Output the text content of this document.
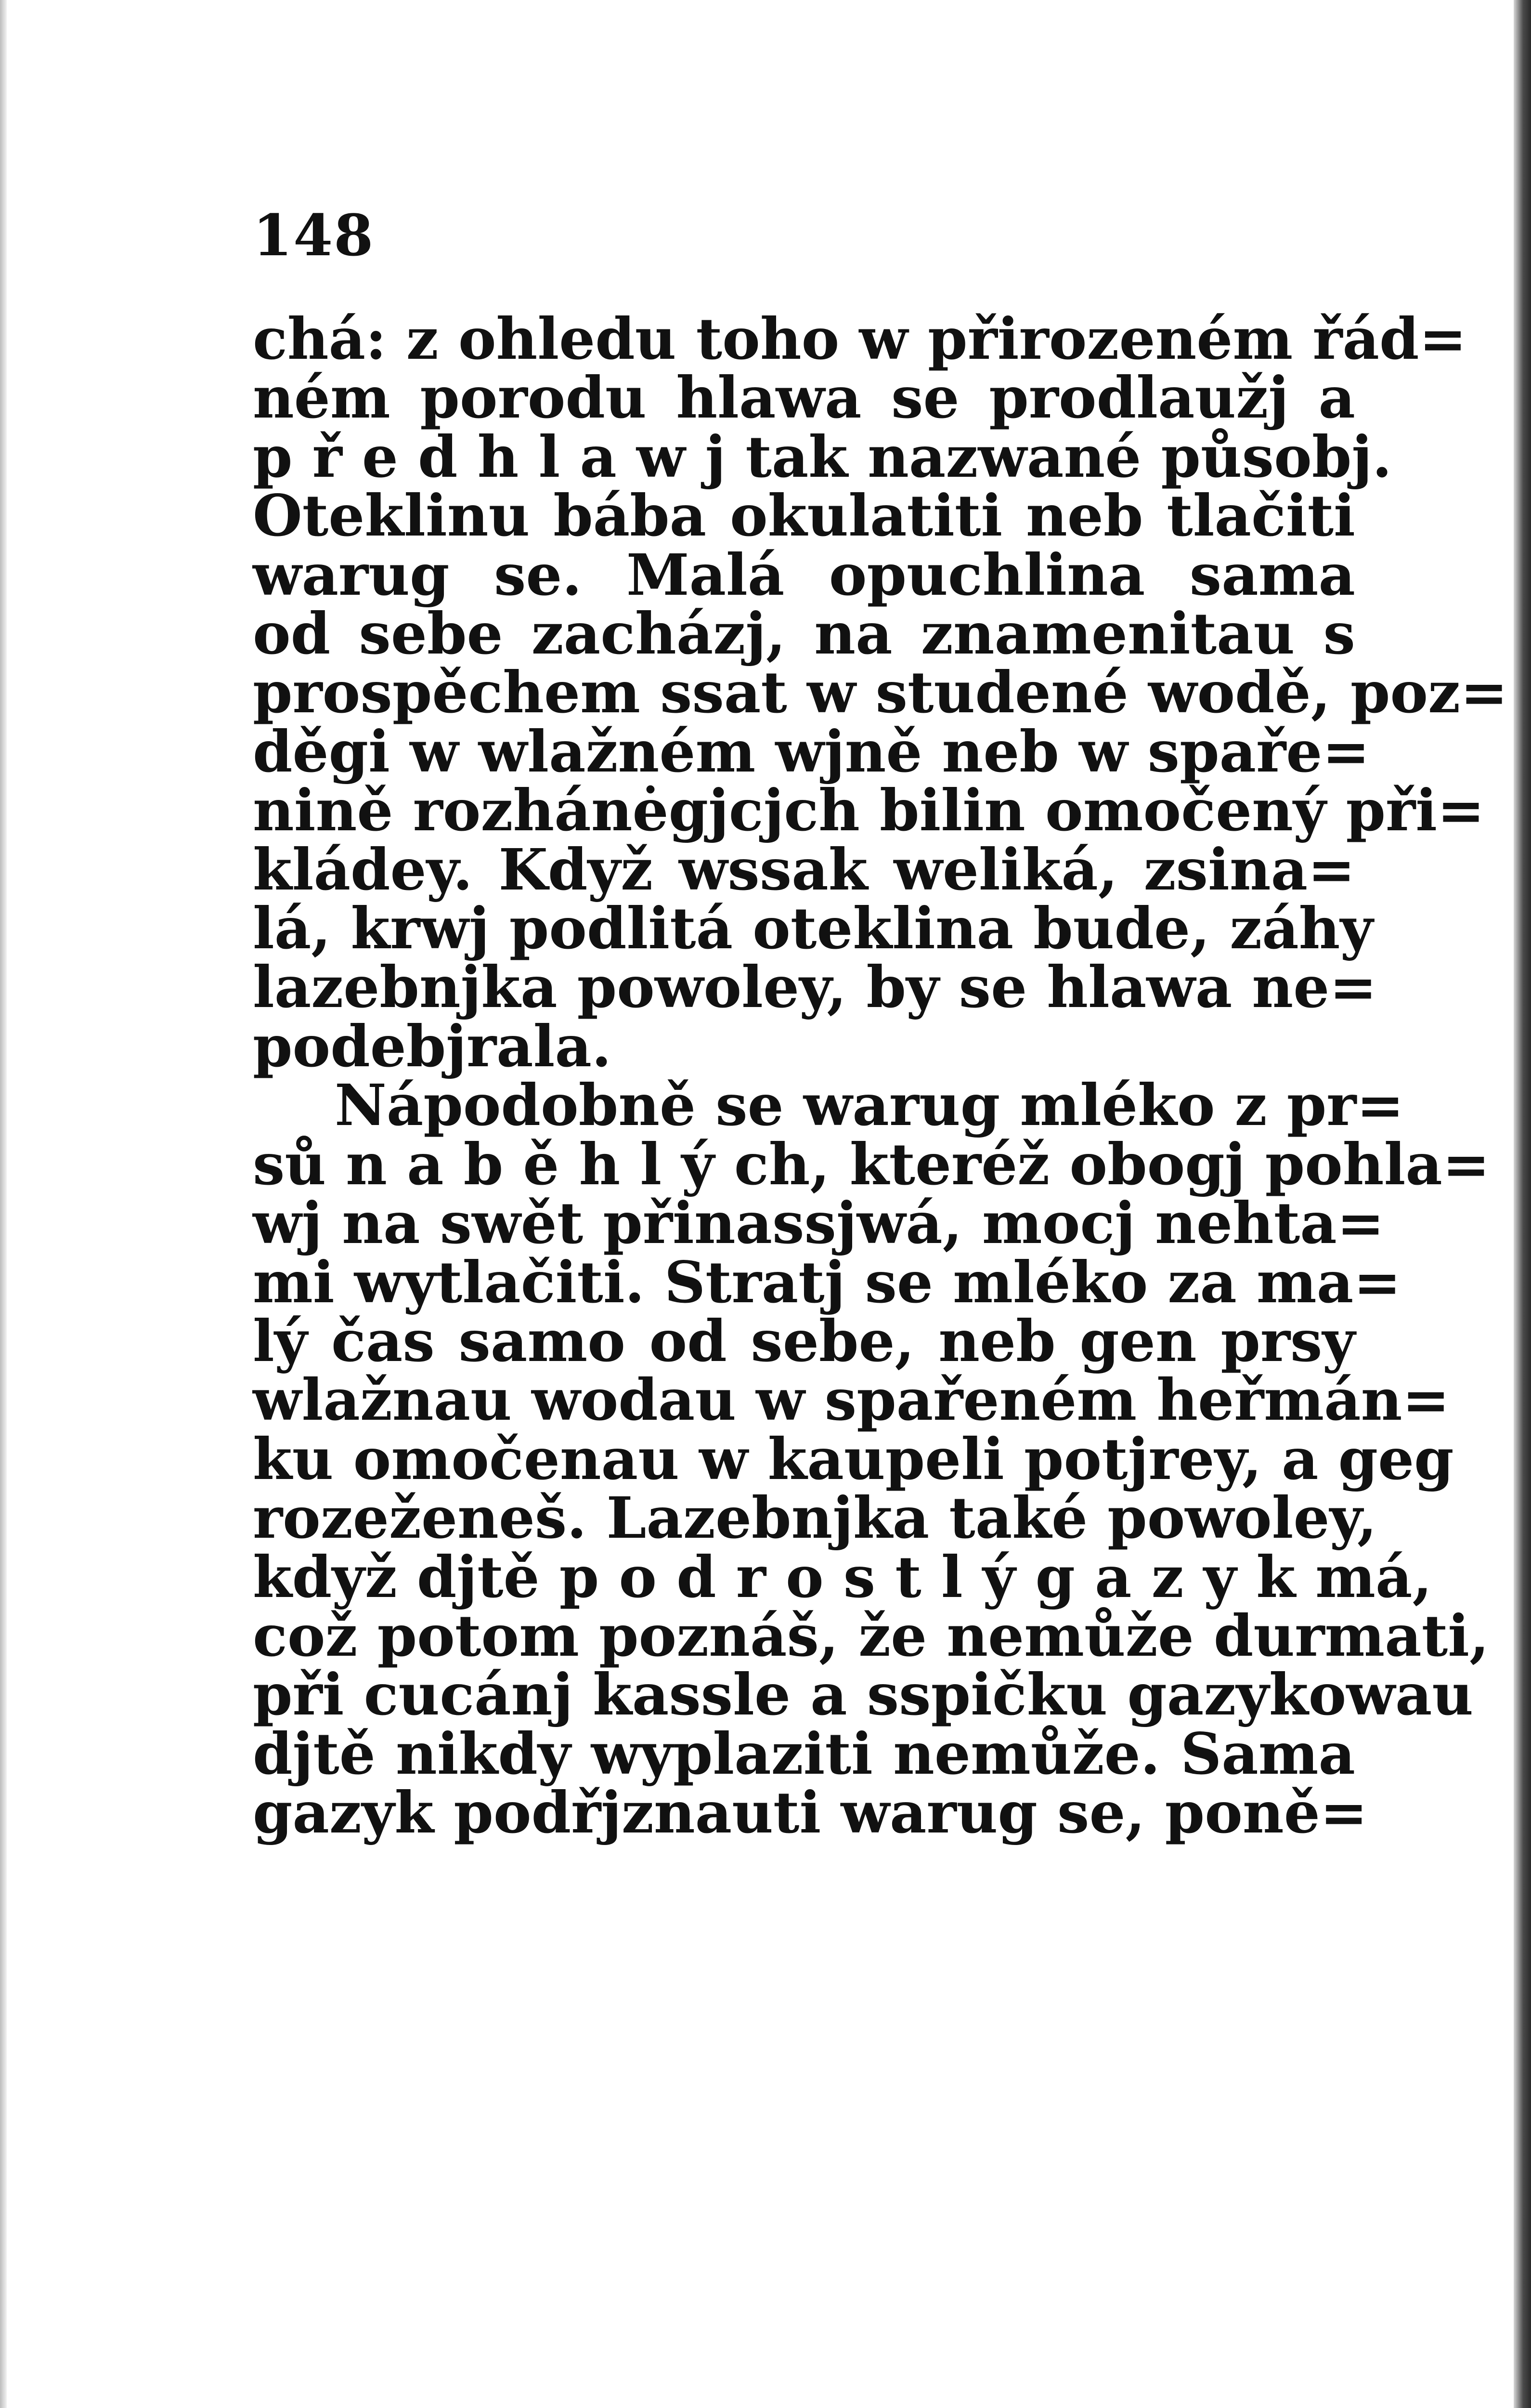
148
chá: z ohledu toho w přirozeném řád=
ném porodu hlawa se prodlaužj a
p ř e d h l a w j tak nazwané působj.
Oteklinu bába okulatiti neb tlačiti
warug se. Malá opuchlina sama
od sebe zacházj, na znamenitau s
prospěchem ssat w studené wodě, poz=
děgi w wlažném wjně neb w spaře=
nině rozhánėgjcjch bilin omočený při=
kládey. Když wssak weliká, zsina=
lá, krwj podlitá oteklina bude, záhy
lazebnjka powoley, by se hlawa ne=
podebjrala.
Nápodobně se warug mléko z pr=
sů n a b ě h l ý ch, kteréž obogj pohla=
wj na swět přinassjwá, mocj nehta=
mi wytlačiti. Stratj se mléko za ma=
lý čas samo od sebe, neb gen prsy
wlažnau wodau w spařeném heřmán=
ku omočenau w kaupeli potjrey, a geg
rozeženeš. Lazebnjka také powoley,
když djtě p o d r o s t l ý g a z y k má,
což potom poznáš, že nemůže durmati,
při cucánj kassle a sspičku gazykowau
djtě nikdy wyplaziti nemůže. Sama
gazyk podřjznauti warug se, poně=
